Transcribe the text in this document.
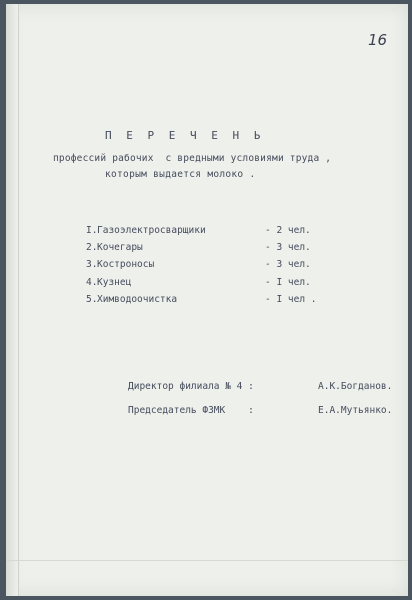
16
П Е Р Е Ч Е Н Ь
профессий рабочих  с вредными условиями труда ,
которым выдается молоко .
I. Газоэлектросварщики	- 2 чел.
2. Кочегары	- 3 чел.
3. Костроносы	- 3 чел.
4. Кузнец	- I чел.
5. Химводоочистка	- I чел .
Директор филиала № 4 :	А.К.Богданов.
Председатель ФЗМК    :	Е.А.Мутьянко.
